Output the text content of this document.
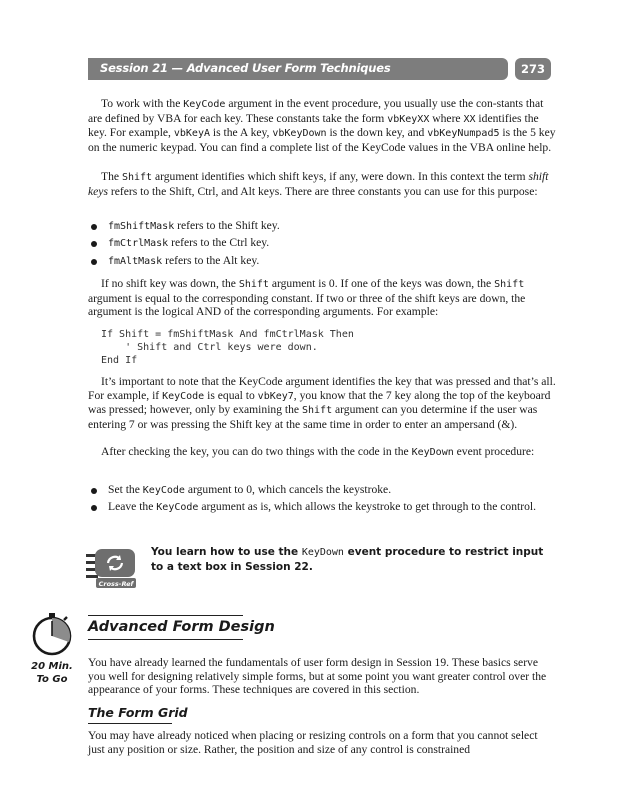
Session 21 — Advanced User Form Techniques	273

To work with the KeyCode argument in the event procedure, you usually use the con-stants that are defined by VBA for each key. These constants take the form vbKeyXX where XX identifies the key. For example, vbKeyA is the A key, vbKeyDown is the down key, and vbKeyNumpad5 is the 5 key on the numeric keypad. You can find a complete list of the KeyCode values in the VBA online help.

The Shift argument identifies which shift keys, if any, were down. In this context the term shift keys refers to the Shift, Ctrl, and Alt keys. There are three constants you can use for this purpose:

fmShiftMask refers to the Shift key.
fmCtrlMask refers to the Ctrl key.
fmAltMask refers to the Alt key.

If no shift key was down, the Shift argument is 0. If one of the keys was down, the Shift argument is equal to the corresponding constant. If two or three of the shift keys are down, the argument is the logical AND of the corresponding arguments. For example:

If Shift = fmShiftMask And fmCtrlMask Then
' Shift and Ctrl keys were down.
End If

It’s important to note that the KeyCode argument identifies the key that was pressed and that’s all. For example, if KeyCode is equal to vbKey7, you know that the 7 key along the top of the keyboard was pressed; however, only by examining the Shift argument can you determine if the user was entering 7 or was pressing the Shift key at the same time in order to enter an ampersand (&).

After checking the key, you can do two things with the code in the KeyDown event procedure:

Set the KeyCode argument to 0, which cancels the keystroke.
Leave the KeyCode argument as is, which allows the keystroke to get through to the control.
Cross-Ref

You learn how to use the KeyDown event procedure to restrict input to a text box in Session 22.

20 Min.
To Go
Advanced Form Design

You have already learned the fundamentals of user form design in Session 19. These basics serve you well for designing relatively simple forms, but at some point you want greater control over the appearance of your forms. These techniques are covered in this section.

The Form Grid

You may have already noticed when placing or resizing controls on a form that you cannot select just any position or size. Rather, the position and size of any control is constrained
